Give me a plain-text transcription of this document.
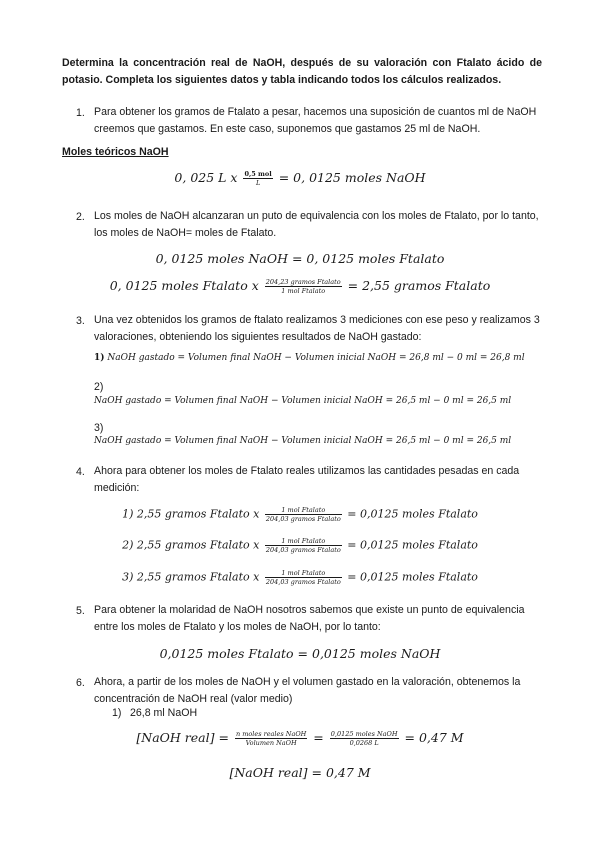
Determina la concentración real de NaOH, después de su valoración con Ftalato ácido de potasio. Completa los siguientes datos y tabla indicando todos los cálculos realizados.
1. Para obtener los gramos de Ftalato a pesar, hacemos una suposición de cuantos ml de NaOH creemos que gastamos. En este caso, suponemos que gastamos 25 ml de NaOH.
Moles teóricos NaOH
0, 025 L x $\frac{\text{0,5 mol}}{L} = 0$, 0125 moles NaOH
2. Los moles de NaOH alcanzaran un puto de equivalencia con los moles de Ftalato, por lo tanto, los moles de NaOH= moles de Ftalato.
0, 0125 moles NaOH = 0, 0125 moles Ftalato
0, 0125 moles Ftalato x $\frac{\text{204,23 gramos Ftalato}}{\text{1 mol Ftalato}} = 2,55$ gramos Ftalato
3. Una vez obtenidos los gramos de ftalato realizamos 3 mediciones con ese peso y realizamos 3 valoraciones, obteniendo los siguientes resultados de NaOH gastado:
1) NaOH gastado = Volumen final NaOH − Volumen inicial NaOH = 26,8 ml − 0 ml = 26,8 ml
2)
NaOH gastado = Volumen final NaOH − Volumen inicial NaOH = 26,5 ml − 0 ml = 26,5 ml
3)
NaOH gastado = Volumen final NaOH − Volumen inicial NaOH = 26,5 ml − 0 ml = 26,5 ml
4. Ahora para obtener los moles de Ftalato reales utilizamos las cantidades pesadas en cada medición:
1) 2,55 gramos Ftalato x $\frac{\text{1 mol Ftalato}}{\text{204,03 gramos Ftalato}} = 0,0125$ moles Ftalato
2) 2,55 gramos Ftalato x $\frac{\text{1 mol Ftalato}}{\text{204,03 gramos Ftalato}} = 0,0125$ moles Ftalato
3) 2,55 gramos Ftalato x $\frac{\text{1 mol Ftalato}}{\text{204,03 gramos Ftalato}} = 0,0125$ moles Ftalato
5. Para obtener la molaridad de NaOH nosotros sabemos que existe un punto de equivalencia entre los moles de Ftalato y los moles de NaOH, por lo tanto:
0,0125 moles Ftalato = 0,0125 moles NaOH
6. Ahora, a partir de los moles de NaOH y el volumen gastado en la valoración, obtenemos la concentración de NaOH real (valor medio)
1) 26,8 ml NaOH
[NaOH real] = $\frac{\text{n moles reales NaOH}}{\text{Volumen NaOH}} = \frac{\text{0,0125 moles NaOH}}{0,0268 L} = 0,47$ M
[NaOH real] = 0,47 M
